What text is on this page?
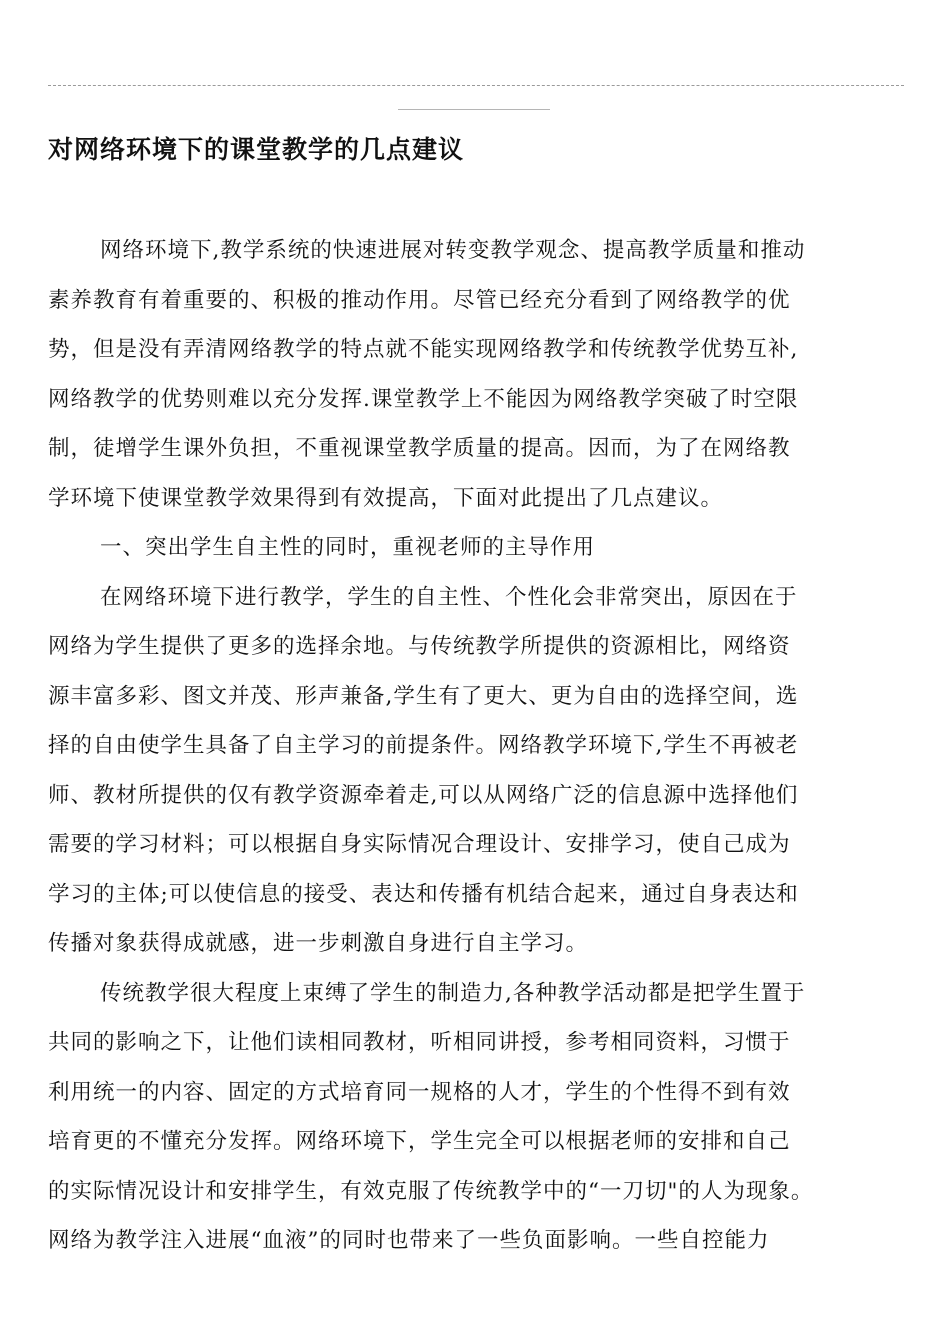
对网络环境下的课堂教学的几点建议
网络环境下,教学系统的快速进展对转变教学观念、提高教学质量和推动
素养教育有着重要的、积极的推动作用。尽管已经充分看到了网络教学的优
势，但是没有弄清网络教学的特点就不能实现网络教学和传统教学优势互补,
网络教学的优势则难以充分发挥.课堂教学上不能因为网络教学突破了时空限
制，徒增学生课外负担，不重视课堂教学质量的提高。因而，为了在网络教
学环境下使课堂教学效果得到有效提高，下面对此提出了几点建议。
一、突出学生自主性的同时，重视老师的主导作用
在网络环境下进行教学，学生的自主性、个性化会非常突出，原因在于
网络为学生提供了更多的选择余地。与传统教学所提供的资源相比，网络资
源丰富多彩、图文并茂、形声兼备,学生有了更大、更为自由的选择空间，选
择的自由使学生具备了自主学习的前提条件。网络教学环境下,学生不再被老
师、教材所提供的仅有教学资源牵着走,可以从网络广泛的信息源中选择他们
需要的学习材料；可以根据自身实际情况合理设计、安排学习，使自己成为
学习的主体;可以使信息的接受、表达和传播有机结合起来，通过自身表达和
传播对象获得成就感，进一步刺激自身进行自主学习。
传统教学很大程度上束缚了学生的制造力,各种教学活动都是把学生置于
共同的影响之下，让他们读相同教材，听相同讲授，参考相同资料，习惯于
利用统一的内容、固定的方式培育同一规格的人才，学生的个性得不到有效
培育更的不懂充分发挥。网络环境下，学生完全可以根据老师的安排和自己
的实际情况设计和安排学生，有效克服了传统教学中的“一刀切"的人为现象。
网络为教学注入进展“血液”的同时也带来了一些负面影响。一些自控能力
